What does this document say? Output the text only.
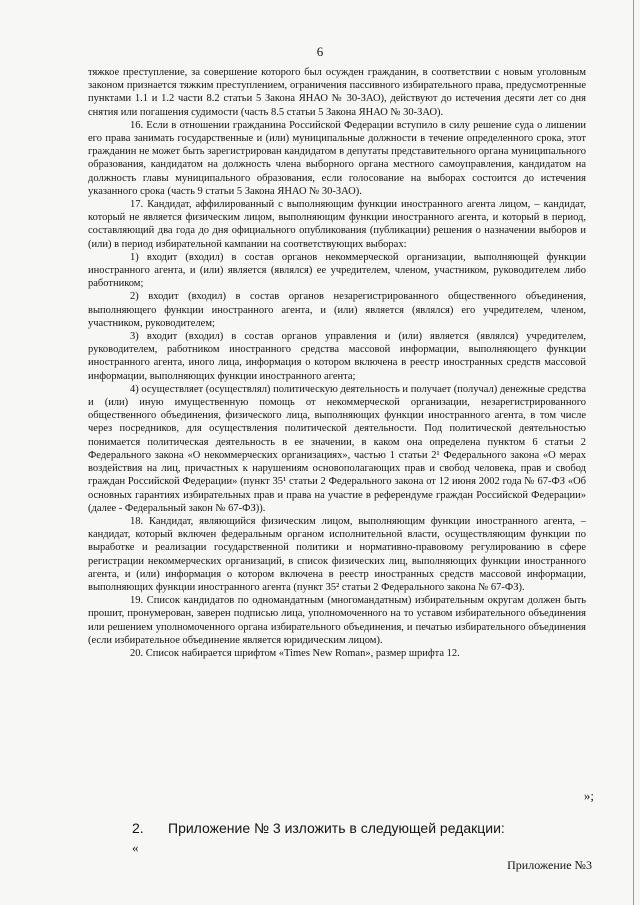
6

тяжкое преступление, за совершение которого был осужден гражданин, в соответствии с новым уголовным законом признается тяжким преступлением, ограничения пассивного избирательного права, предусмотренные пунктами 1.1 и 1.2 части 8.2 статьи 5 Закона ЯНАО № 30-ЗАО), действуют до истечения десяти лет со дня снятия или погашения судимости (часть 8.5 статьи 5 Закона ЯНАО № 30-ЗАО).

16. Если в отношении гражданина Российской Федерации вступило в силу решение суда о лишении его права занимать государственные и (или) муниципальные должности в течение определенного срока, этот гражданин не может быть зарегистрирован кандидатом в депутаты представительного органа муниципального образования, кандидатом на должность члена выборного органа местного самоуправления, кандидатом на должность главы муниципального образования, если голосование на выборах состоится до истечения указанного срока (часть 9 статьи 5 Закона ЯНАО № 30-ЗАО).

17. Кандидат, аффилированный с выполняющим функции иностранного агента лицом, – кандидат, который не является физическим лицом, выполняющим функции иностранного агента, и который в период, составляющий два года до дня официального опубликования (публикации) решения о назначении выборов и (или) в период избирательной кампании на соответствующих выборах:

1) входит (входил) в состав органов некоммерческой организации, выполняющей функции иностранного агента, и (или) является (являлся) ее учредителем, членом, участником, руководителем либо работником;

2) входит (входил) в состав органов незарегистрированного общественного объединения, выполняющего функции иностранного агента, и (или) является (являлся) его учредителем, членом, участником, руководителем;

3) входит (входил) в состав органов управления и (или) является (являлся) учредителем, руководителем, работником иностранного средства массовой информации, выполняющего функции иностранного агента, иного лица, информация о котором включена в реестр иностранных средств массовой информации, выполняющих функции иностранного агента;

4) осуществляет (осуществлял) политическую деятельность и получает (получал) денежные средства и (или) иную имущественную помощь от некоммерческой организации, незарегистрированного общественного объединения, физического лица, выполняющих функции иностранного агента, в том числе через посредников, для осуществления политической деятельности. Под политической деятельностью понимается политическая деятельность в ее значении, в каком она определена пунктом 6 статьи 2 Федерального закона «О некоммерческих организациях», частью 1 статьи 2¹ Федерального закона «О мерах воздействия на лиц, причастных к нарушениям основополагающих прав и свобод человека, прав и свобод граждан Российской Федерации» (пункт 35¹ статьи 2 Федерального закона от 12 июня 2002 года № 67-ФЗ «Об основных гарантиях избирательных прав и права на участие в референдуме граждан Российской Федерации» (далее - Федеральный закон № 67-ФЗ)).

18. Кандидат, являющийся физическим лицом, выполняющим функции иностранного агента, – кандидат, который включен федеральным органом исполнительной власти, осуществляющим функции по выработке и реализации государственной политики и нормативно-правовому регулированию в сфере регистрации некоммерческих организаций, в список физических лиц, выполняющих функции иностранного агента, и (или) информация о котором включена в реестр иностранных средств массовой информации, выполняющих функции иностранного агента (пункт 35² статьи 2 Федерального закона № 67-ФЗ).

19. Список кандидатов по одномандатным (многомандатным) избирательным округам должен быть прошит, пронумерован, заверен подписью лица, уполномоченного на то уставом избирательного объединения или решением уполномоченного органа избирательного объединения, и печатью избирательного объединения (если избирательное объединение является юридическим лицом).

20. Список набирается шрифтом «Times New Roman», размер шрифта 12.

»;
2. Приложение № 3 изложить в следующей редакции:
«
Приложение №3
